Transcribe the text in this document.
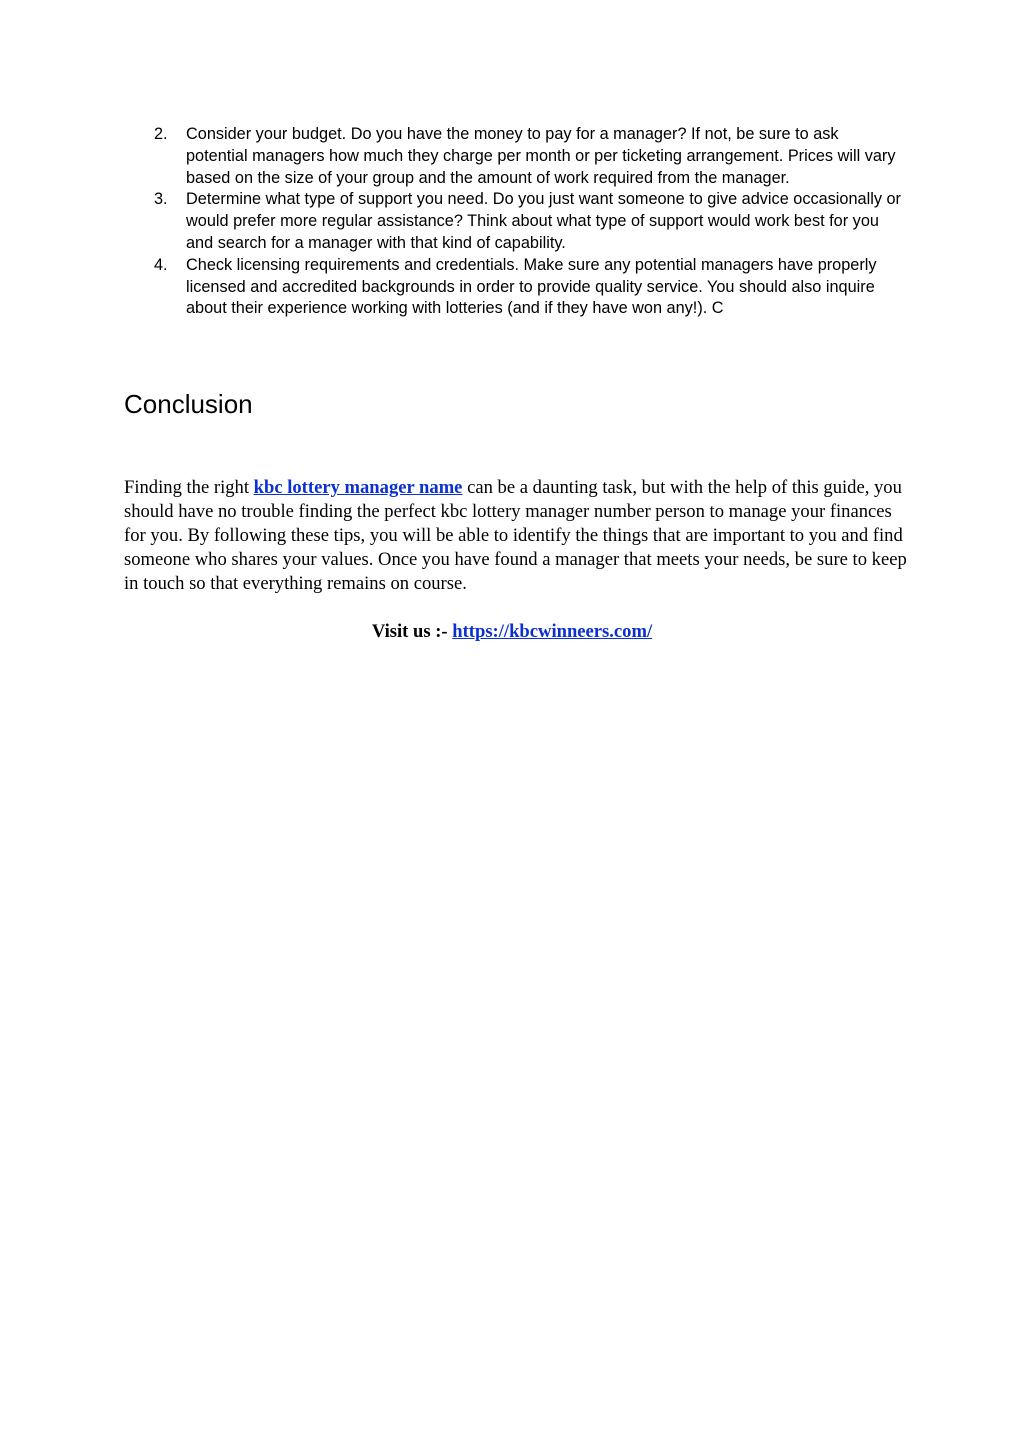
2. Consider your budget. Do you have the money to pay for a manager? If not, be sure to ask potential managers how much they charge per month or per ticketing arrangement. Prices will vary based on the size of your group and the amount of work required from the manager.
3. Determine what type of support you need. Do you just want someone to give advice occasionally or would prefer more regular assistance? Think about what type of support would work best for you and search for a manager with that kind of capability.
4. Check licensing requirements and credentials. Make sure any potential managers have properly licensed and accredited backgrounds in order to provide quality service. You should also inquire about their experience working with lotteries (and if they have won any!). C
Conclusion

Finding the right kbc lottery manager name can be a daunting task, but with the help of this guide, you should have no trouble finding the perfect kbc lottery manager number person to manage your finances for you. By following these tips, you will be able to identify the things that are important to you and find someone who shares your values. Once you have found a manager that meets your needs, be sure to keep in touch so that everything remains on course.

Visit us :- https://kbcwinneers.com/
